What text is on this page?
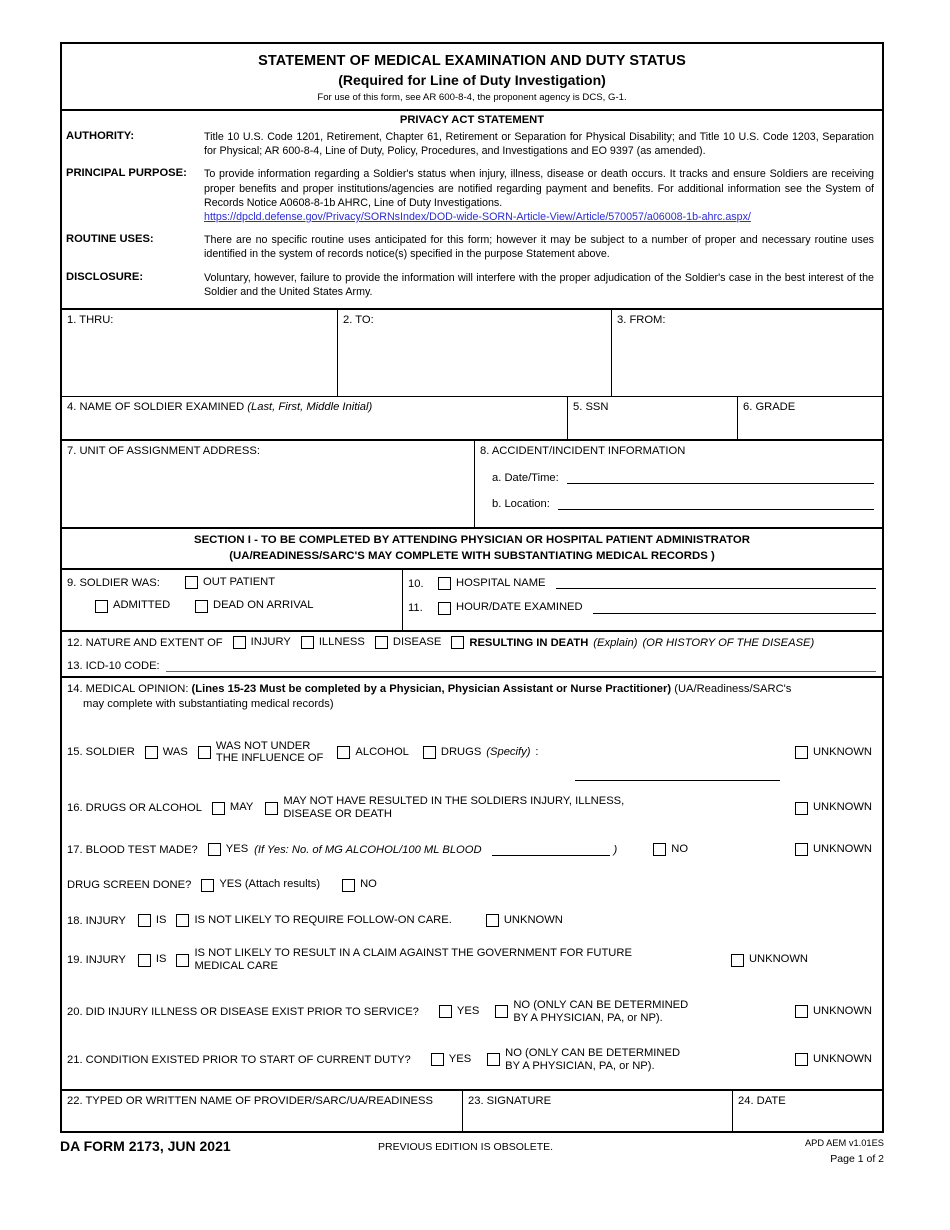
STATEMENT OF MEDICAL EXAMINATION AND DUTY STATUS
(Required for Line of Duty Investigation)
For use of this form, see AR 600-8-4, the proponent agency is DCS, G-1.
PRIVACY ACT STATEMENT
AUTHORITY:	Title 10 U.S. Code 1201, Retirement, Chapter 61, Retirement or Separation for Physical Disability; and Title 10 U.S. Code 1203, Separation for Physical; AR 600-8-4, Line of Duty, Policy, Procedures, and Investigations and EO 9397 (as amended).
PRINCIPAL PURPOSE:	To provide information regarding a Soldier's status when injury, illness, disease or death occurs. It tracks and ensure Soldiers are receiving proper benefits and proper institutions/agencies are notified regarding payment and benefits. For additional information see the System of Records Notice A0608-8-1b AHRC, Line of Duty Investigations.
https://dpcld.defense.gov/Privacy/SORNsIndex/DOD-wide-SORN-Article-View/Article/570057/a06008-1b-ahrc.aspx/
ROUTINE USES:	There are no specific routine uses anticipated for this form; however it may be subject to a number of proper and necessary routine uses identified in the system of records notice(s) specified in the purpose Statement above.
DISCLOSURE:	Voluntary, however, failure to provide the information will interfere with the proper adjudication of the Soldier's case in the best interest of the Soldier and the United States Army.
1. THRU:	2. TO:	3. FROM:
4. NAME OF SOLDIER EXAMINED (Last, First, Middle Initial)	5. SSN	6. GRADE
7. UNIT OF ASSIGNMENT ADDRESS:	8. ACCIDENT/INCIDENT INFORMATION
a. Date/Time:
b. Location:
SECTION I - TO BE COMPLETED BY ATTENDING PHYSICIAN OR HOSPITAL PATIENT ADMINISTRATOR
(UA/READINESS/SARC'S MAY COMPLETE WITH SUBSTANTIATING MEDICAL RECORDS )
9. SOLDIER WAS:	OUT PATIENT
ADMITTED	DEAD ON ARRIVAL
10.	HOSPITAL NAME
11.	HOUR/DATE EXAMINED
12. NATURE AND EXTENT OF	INJURY	ILLNESS	DISEASE	RESULTING IN DEATH (Explain) (OR HISTORY OF THE DISEASE)
13. ICD-10 CODE:
14. MEDICAL OPINION: (Lines 15-23 Must be completed by a Physician, Physician Assistant or Nurse Practitioner) (UA/Readiness/SARC's
may complete with substantiating medical records)
15. SOLDIER	WAS
WAS NOT UNDER
THE INFLUENCE OF
ALCOHOL	DRUGS (Specify) :	UNKNOWN
16. DRUGS OR ALCOHOL	MAY
MAY NOT HAVE RESULTED IN THE SOLDIERS INJURY, ILLNESS,
DISEASE OR DEATH
UNKNOWN
17. BLOOD TEST MADE?	YES (If Yes: No. of MG ALCOHOL/100 ML BLOOD	)	NO	UNKNOWN
DRUG SCREEN DONE?	YES (Attach results)	NO
18. INJURY	IS	IS NOT LIKELY TO REQUIRE FOLLOW-ON CARE.	UNKNOWN
19. INJURY	IS
IS NOT LIKELY TO RESULT IN A CLAIM AGAINST THE GOVERNMENT FOR FUTURE
MEDICAL CARE
UNKNOWN
20. DID INJURY ILLNESS OR DISEASE EXIST PRIOR TO SERVICE?	YES
NO (ONLY CAN BE DETERMINED
BY A PHYSICIAN, PA, or NP).
UNKNOWN
21. CONDITION EXISTED PRIOR TO START OF CURRENT DUTY?	YES
NO (ONLY CAN BE DETERMINED
BY A PHYSICIAN, PA, or NP).
UNKNOWN
22. TYPED OR WRITTEN NAME OF PROVIDER/SARC/UA/READINESS	23. SIGNATURE	24. DATE
DA FORM 2173, JUN 2021	PREVIOUS EDITION IS OBSOLETE.	APD AEM v1.01ES
Page 1 of 2
